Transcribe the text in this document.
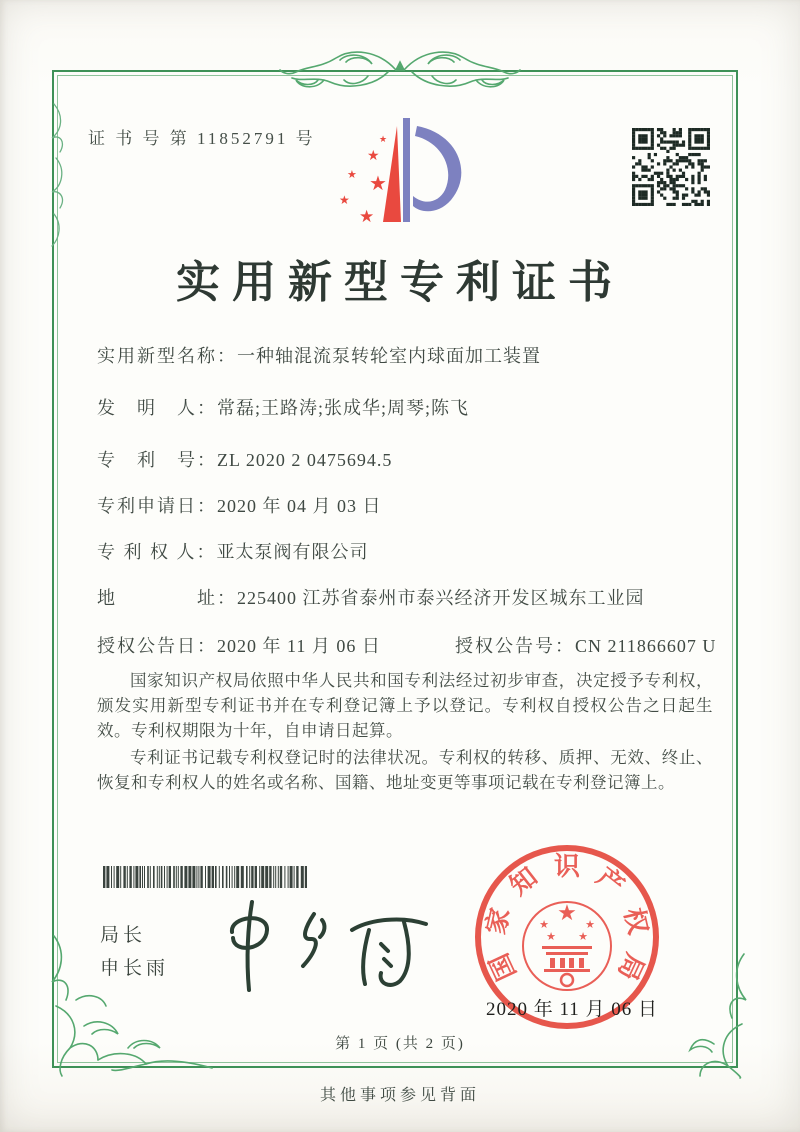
证 书 号 第 11852791 号
★
★ ★
★
★
★
实用新型专利证书
实用新型名称：一种轴混流泵转轮室内球面加工装置
发　明　人：常磊;王路涛;张成华;周琴;陈飞
专　利　号：ZL 2020 2 0475694.5
专利申请日：2020 年 04 月 03 日
专 利 权 人：亚太泵阀有限公司
地　　　　址：225400 江苏省泰州市泰兴经济开发区城东工业园
授权公告日：2020 年 11 月 06 日	授权公告号：CN 211866607 U

国家知识产权局依照中华人民共和国专利法经过初步审查，决定授予专利权，颁发实用新型专利证书并在专利登记簿上予以登记。专利权自授权公告之日起生效。专利权期限为十年，自申请日起算。

专利证书记载专利权登记时的法律状况。专利权的转移、质押、无效、终止、恢复和专利权人的姓名或名称、国籍、地址变更等事项记载在专利登记簿上。

局长
申长雨	国
家
知 识 产
权
局
★
★	★
★ ★
2020 年 11 月 06 日
第 1 页 (共 2 页)
其他事项参见背面
